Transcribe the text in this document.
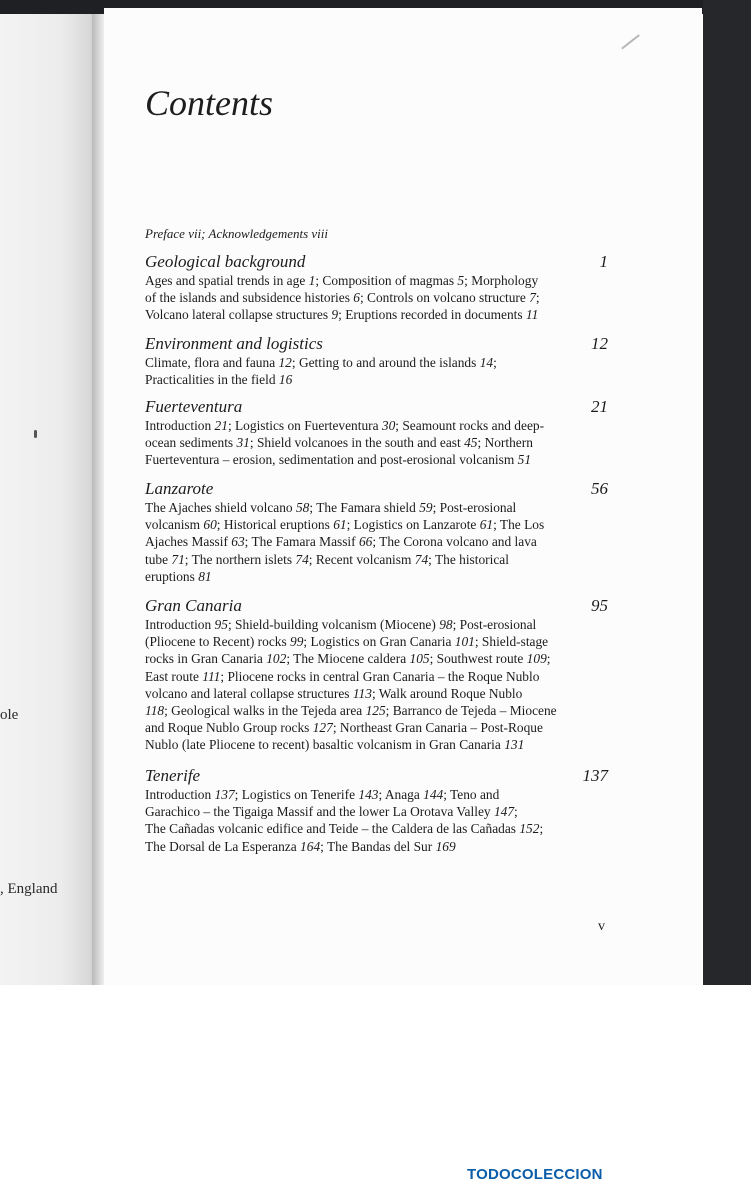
ole
, England
Contents
Preface vii; Acknowledgements viii
Geological background	1
Ages and spatial trends in age 1; Composition of magmas 5; Morphology
of the islands and subsidence histories 6; Controls on volcano structure 7;
Volcano lateral collapse structures 9; Eruptions recorded in documents 11
Environment and logistics	12
Climate, flora and fauna 12; Getting to and around the islands 14;
Practicalities in the field 16
Fuerteventura	21
Introduction 21; Logistics on Fuerteventura 30; Seamount rocks and deep-
ocean sediments 31; Shield volcanoes in the south and east 45; Northern
Fuerteventura – erosion, sedimentation and post-erosional volcanism 51
Lanzarote	56
The Ajaches shield volcano 58; The Famara shield 59; Post-erosional
volcanism 60; Historical eruptions 61; Logistics on Lanzarote 61; The Los
Ajaches Massif 63; The Famara Massif 66; The Corona volcano and lava
tube 71; The northern islets 74; Recent volcanism 74; The historical
eruptions 81
Gran Canaria	95
Introduction 95; Shield-building volcanism (Miocene) 98; Post-erosional
(Pliocene to Recent) rocks 99; Logistics on Gran Canaria 101; Shield-stage
rocks in Gran Canaria 102; The Miocene caldera 105; Southwest route 109;
East route 111; Pliocene rocks in central Gran Canaria – the Roque Nublo
volcano and lateral collapse structures 113; Walk around Roque Nublo
118; Geological walks in the Tejeda area 125; Barranco de Tejeda – Miocene
and Roque Nublo Group rocks 127; Northeast Gran Canaria – Post-Roque
Nublo (late Pliocene to recent) basaltic volcanism in Gran Canaria 131
Tenerife	137
Introduction 137; Logistics on Tenerife 143; Anaga 144; Teno and
Garachico – the Tigaiga Massif and the lower La Orotava Valley 147;
The Cañadas volcanic edifice and Teide – the Caldera de las Cañadas 152;
The Dorsal de La Esperanza 164; The Bandas del Sur 169
v
TODOCOLECCION
